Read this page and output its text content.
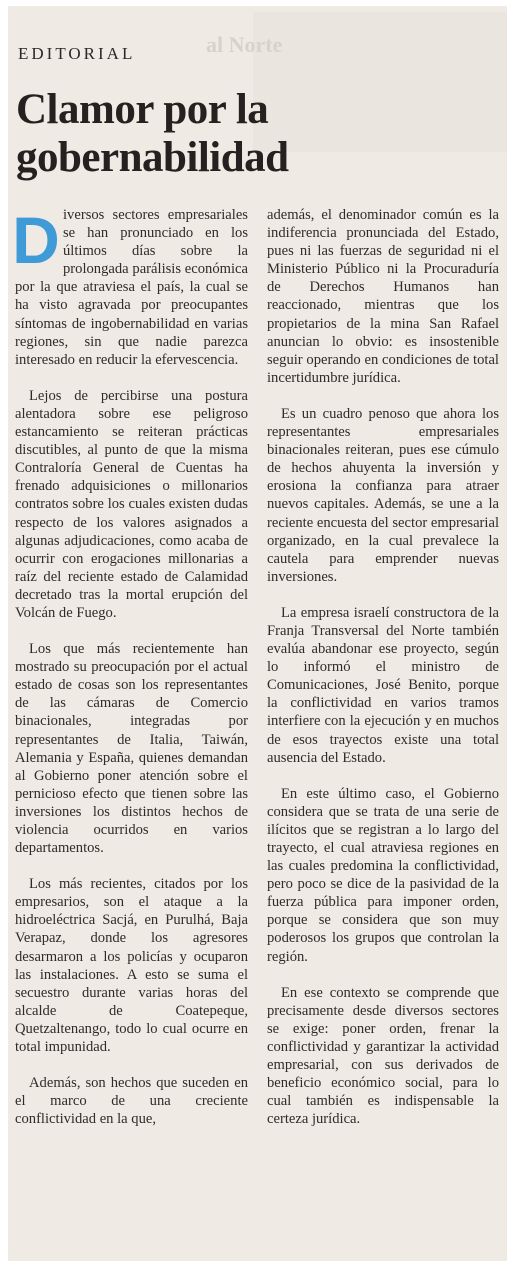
al Norte
EDITORIAL
Clamor por la gobernabilidad

Diversos sectores empresariales se han pronunciado en los últimos días sobre la prolongada parálisis económica por la que atraviesa el país, la cual se ha visto agravada por preocupantes síntomas de ingobernabilidad en varias regiones, sin que nadie parezca interesado en reducir la efervescencia.

Lejos de percibirse una postura alentadora sobre ese peligroso estancamiento se reiteran prácticas discutibles, al punto de que la misma Contraloría General de Cuentas ha frenado adquisiciones o millonarios contratos sobre los cuales existen dudas respecto de los valores asignados a algunas adjudicaciones, como acaba de ocurrir con erogaciones millonarias a raíz del reciente estado de Calamidad decretado tras la mortal erupción del Volcán de Fuego.

Los que más recientemente han mostrado su preocupación por el actual estado de cosas son los representantes de las cámaras de Comercio binacionales, integradas por representantes de Italia, Taiwán, Alemania y España, quienes demandan al Gobierno poner atención sobre el pernicioso efecto que tienen sobre las inversiones los distintos hechos de violencia ocurridos en varios departamentos.

Los más recientes, citados por los empresarios, son el ataque a la hidroeléctrica Sacjá, en Purulhá, Baja Verapaz, donde los agresores desarmaron a los policías y ocuparon las instalaciones. A esto se suma el secuestro durante varias horas del alcalde de Coatepeque, Quetzaltenango, todo lo cual ocurre en total impunidad.

Además, son hechos que suceden en el marco de una creciente conflictividad en la que,

además, el denominador común es la indiferencia pronunciada del Estado, pues ni las fuerzas de seguridad ni el Ministerio Público ni la Procuraduría de Derechos Humanos han reaccionado, mientras que los propietarios de la mina San Rafael anuncian lo obvio: es insostenible seguir operando en condiciones de total incertidumbre jurídica.

Es un cuadro penoso que ahora los representantes empresariales binacionales reiteran, pues ese cúmulo de hechos ahuyenta la inversión y erosiona la confianza para atraer nuevos capitales. Además, se une a la reciente encuesta del sector empresarial organizado, en la cual prevalece la cautela para emprender nuevas inversiones.

La empresa israelí constructora de la Franja Transversal del Norte también evalúa abandonar ese proyecto, según lo informó el ministro de Comunicaciones, José Benito, porque la conflictividad en varios tramos interfiere con la ejecución y en muchos de esos trayectos existe una total ausencia del Estado.

En este último caso, el Gobierno considera que se trata de una serie de ilícitos que se registran a lo largo del trayecto, el cual atraviesa regiones en las cuales predomina la conflictividad, pero poco se dice de la pasividad de la fuerza pública para imponer orden, porque se considera que son muy poderosos los grupos que controlan la región.

En ese contexto se comprende que precisamente desde diversos sectores se exige: poner orden, frenar la conflictividad y garantizar la actividad empresarial, con sus derivados de beneficio económico social, para lo cual también es indispensable la certeza jurídica.
